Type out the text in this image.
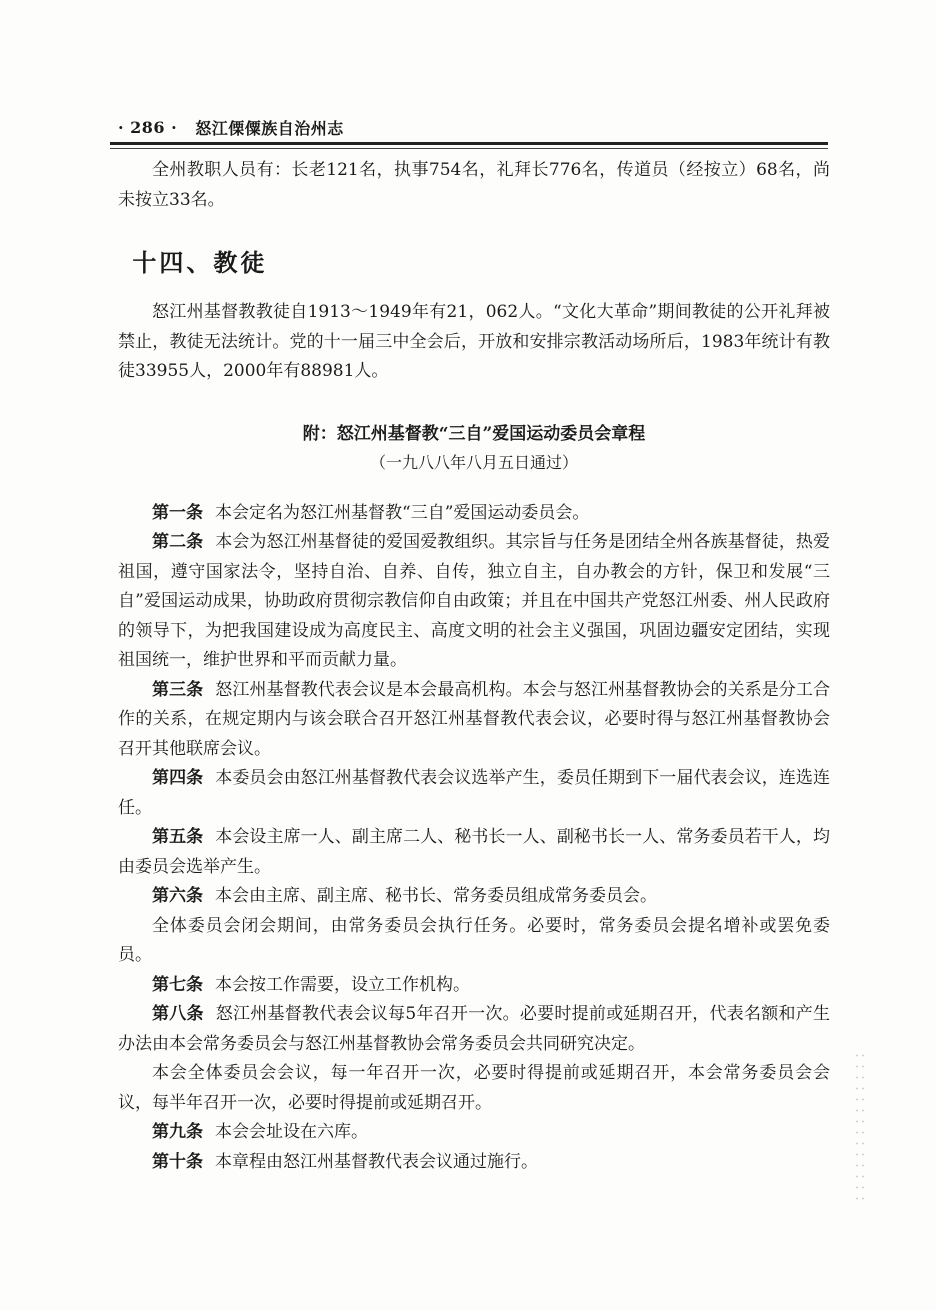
· 286 · 怒江傈僳族自治州志

全州教职人员有：长老121名，执事754名，礼拜长776名，传道员（经按立）68名，尚未按立33名。

十四、教徒

怒江州基督教教徒自1913～1949年有21，062人。“文化大革命”期间教徒的公开礼拜被禁止，教徒无法统计。党的十一届三中全会后，开放和安排宗教活动场所后，1983年统计有教徒33955人，2000年有88981人。

附：怒江州基督教“三自”爱国运动委员会章程

（一九八八年八月五日通过）

第一条 本会定名为怒江州基督教“三自”爱国运动委员会。

第二条 本会为怒江州基督徒的爱国爱教组织。其宗旨与任务是团结全州各族基督徒，热爱祖国，遵守国家法令，坚持自治、自养、自传，独立自主，自办教会的方针，保卫和发展“三自”爱国运动成果，协助政府贯彻宗教信仰自由政策；并且在中国共产党怒江州委、州人民政府的领导下，为把我国建设成为高度民主、高度文明的社会主义强国，巩固边疆安定团结，实现祖国统一，维护世界和平而贡献力量。

第三条 怒江州基督教代表会议是本会最高机构。本会与怒江州基督教协会的关系是分工合作的关系，在规定期内与该会联合召开怒江州基督教代表会议，必要时得与怒江州基督教协会召开其他联席会议。

第四条 本委员会由怒江州基督教代表会议选举产生，委员任期到下一届代表会议，连选连任。

第五条 本会设主席一人、副主席二人、秘书长一人、副秘书长一人、常务委员若干人，均由委员会选举产生。

第六条 本会由主席、副主席、秘书长、常务委员组成常务委员会。

全体委员会闭会期间，由常务委员会执行任务。必要时，常务委员会提名增补或罢免委员。

第七条 本会按工作需要，设立工作机构。

第八条 怒江州基督教代表会议每5年召开一次。必要时提前或延期召开，代表名额和产生办法由本会常务委员会与怒江州基督教协会常务委员会共同研究决定。

本会全体委员会会议，每一年召开一次，必要时得提前或延期召开，本会常务委员会会议，每半年召开一次，必要时得提前或延期召开。

第九条 本会会址设在六库。

第十条 本章程由怒江州基督教代表会议通过施行。
